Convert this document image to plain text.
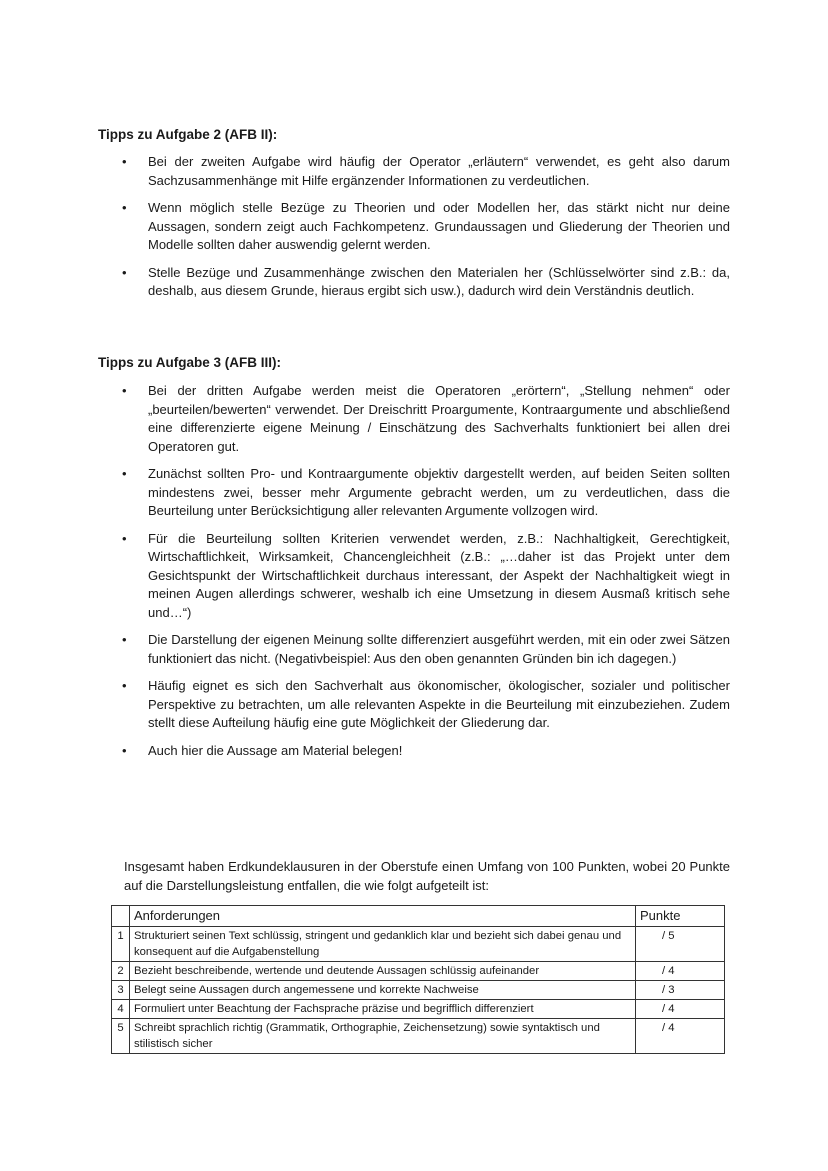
Tipps zu Aufgabe 2 (AFB II):
• Bei der zweiten Aufgabe wird häufig der Operator „erläutern“ verwendet, es geht also darum Sachzusammenhänge mit Hilfe ergänzender Informationen zu verdeutlichen.
• Wenn möglich stelle Bezüge zu Theorien und oder Modellen her, das stärkt nicht nur deine Aussagen, sondern zeigt auch Fachkompetenz. Grundaussagen und Gliederung der Theorien und Modelle sollten daher auswendig gelernt werden.
• Stelle Bezüge und Zusammenhänge zwischen den Materialen her (Schlüsselwörter sind z.B.: da, deshalb, aus diesem Grunde, hieraus ergibt sich usw.), dadurch wird dein Verständnis deutlich.
Tipps zu Aufgabe 3 (AFB III):
• Bei der dritten Aufgabe werden meist die Operatoren „erörtern“, „Stellung nehmen“ oder „beurteilen/bewerten“ verwendet. Der Dreischritt Proargumente, Kontraargumente und abschließend eine differenzierte eigene Meinung / Einschätzung des Sachverhalts funktioniert bei allen drei Operatoren gut.
• Zunächst sollten Pro- und Kontraargumente objektiv dargestellt werden, auf beiden Seiten sollten mindestens zwei, besser mehr Argumente gebracht werden, um zu verdeutlichen, dass die Beurteilung unter Berücksichtigung aller relevanten Argumente vollzogen wird.
• Für die Beurteilung sollten Kriterien verwendet werden, z.B.: Nachhaltigkeit, Gerechtigkeit, Wirtschaftlichkeit, Wirksamkeit, Chancengleichheit (z.B.: „…daher ist das Projekt unter dem Gesichtspunkt der Wirtschaftlichkeit durchaus interessant, der Aspekt der Nachhaltigkeit wiegt in meinen Augen allerdings schwerer, weshalb ich eine Umsetzung in diesem Ausmaß kritisch sehe und…“)
• Die Darstellung der eigenen Meinung sollte differenziert ausgeführt werden, mit ein oder zwei Sätzen funktioniert das nicht. (Negativbeispiel: Aus den oben genannten Gründen bin ich dagegen.)
• Häufig eignet es sich den Sachverhalt aus ökonomischer, ökologischer, sozialer und politischer Perspektive zu betrachten, um alle relevanten Aspekte in die Beurteilung mit einzubeziehen. Zudem stellt diese Aufteilung häufig eine gute Möglichkeit der Gliederung dar.
• Auch hier die Aussage am Material belegen!

Insgesamt haben Erdkundeklausuren in der Oberstufe einen Umfang von 100 Punkten, wobei 20 Punkte auf die Darstellungsleistung entfallen, die wie folgt aufgeteilt ist:

	Anforderungen	Punkte
1	Strukturiert seinen Text schlüssig, stringent und gedanklich klar und bezieht sich dabei genau und konsequent auf die Aufgabenstellung	/ 5
2	Bezieht beschreibende, wertende und deutende Aussagen schlüssig aufeinander	/ 4
3	Belegt seine Aussagen durch angemessene und korrekte Nachweise	/ 3
4	Formuliert unter Beachtung der Fachsprache präzise und begrifflich differenziert	/ 4
5	Schreibt sprachlich richtig (Grammatik, Orthographie, Zeichensetzung) sowie syntaktisch und stilistisch sicher	/ 4
